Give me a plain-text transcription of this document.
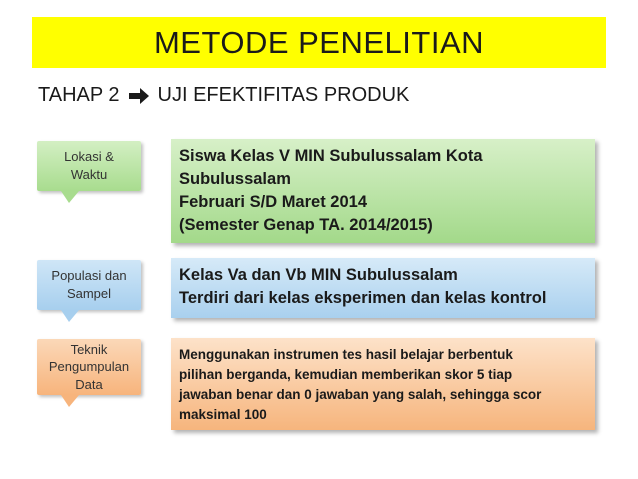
METODE PENELITIAN
TAHAP 2 UJI EFEKTIFITAS PRODUK
Lokasi &
Waktu
Siswa Kelas V MIN Subulussalam Kota
Subulussalam
Februari S/D Maret 2014
(Semester Genap TA. 2014/2015)
Populasi dan
Sampel
Kelas Va dan Vb MIN Subulussalam
Terdiri dari kelas eksperimen dan kelas kontrol
Teknik
Pengumpulan
Data
Menggunakan instrumen tes hasil belajar berbentuk
pilihan berganda, kemudian memberikan skor 5 tiap
jawaban benar dan 0 jawaban yang salah, sehingga scor
maksimal 100
